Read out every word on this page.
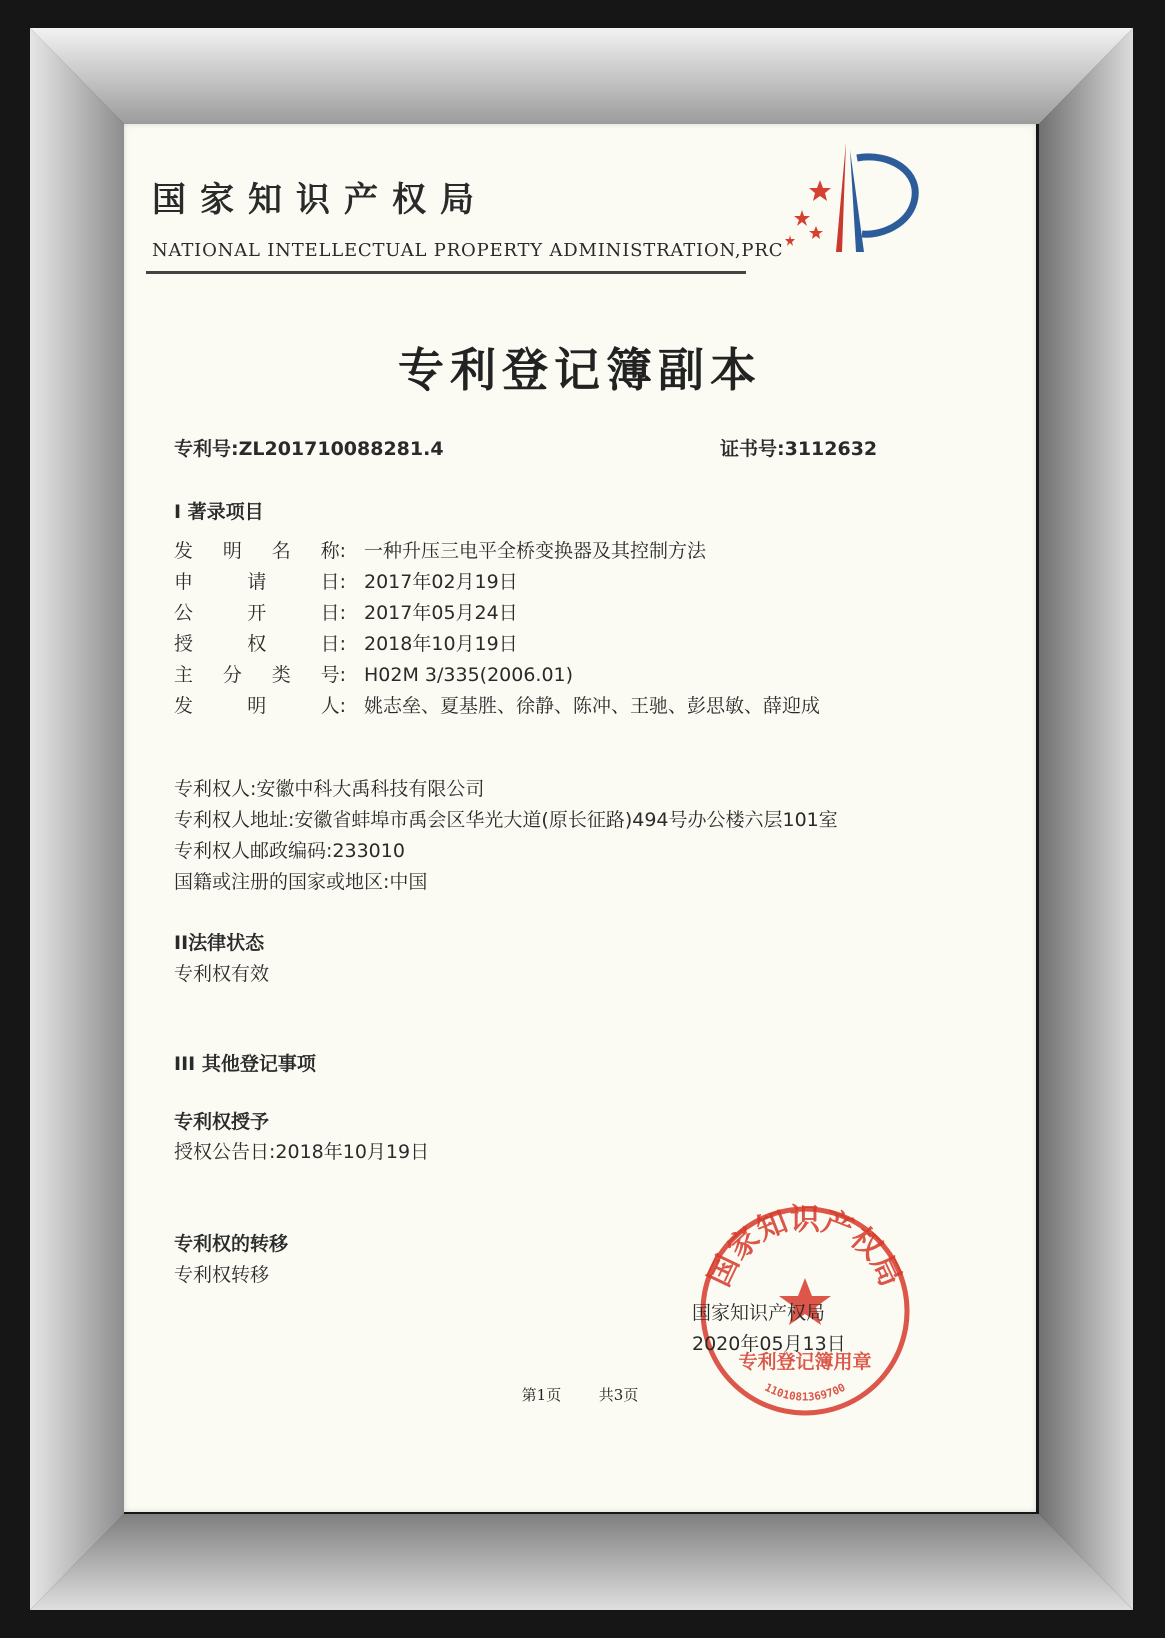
国家知识产权局
NATIONAL INTELLECTUAL PROPERTY ADMINISTRATION,PRC
专利登记簿副本
专利号:ZL201710088281.4	证书号:3112632
I 著录项目
发 明 名 称: 一种升压三电平全桥变换器及其控制方法
申	请	日: 2017年02月19日
公	开	日: 2017年05月24日
授	权	日: 2018年10月19日
主 分 类 号: H02M 3/335(2006.01)
发	明	人: 姚志垒、夏基胜、徐静、陈冲、王驰、彭思敏、薛迎成
专利权人:安徽中科大禹科技有限公司
专利权人地址:安徽省蚌埠市禹会区华光大道(原长征路)494号办公楼六层101室
专利权人邮政编码:233010
国籍或注册的国家或地区:中国
II法律状态
专利权有效
III 其他登记事项
专利权授予
授权公告日:2018年10月19日
专利权的转移
专利权转移	国家知识产权局
专利登记簿用章
1101081369700
国家知识产权局
2020年05月13日
第1页	共3页
